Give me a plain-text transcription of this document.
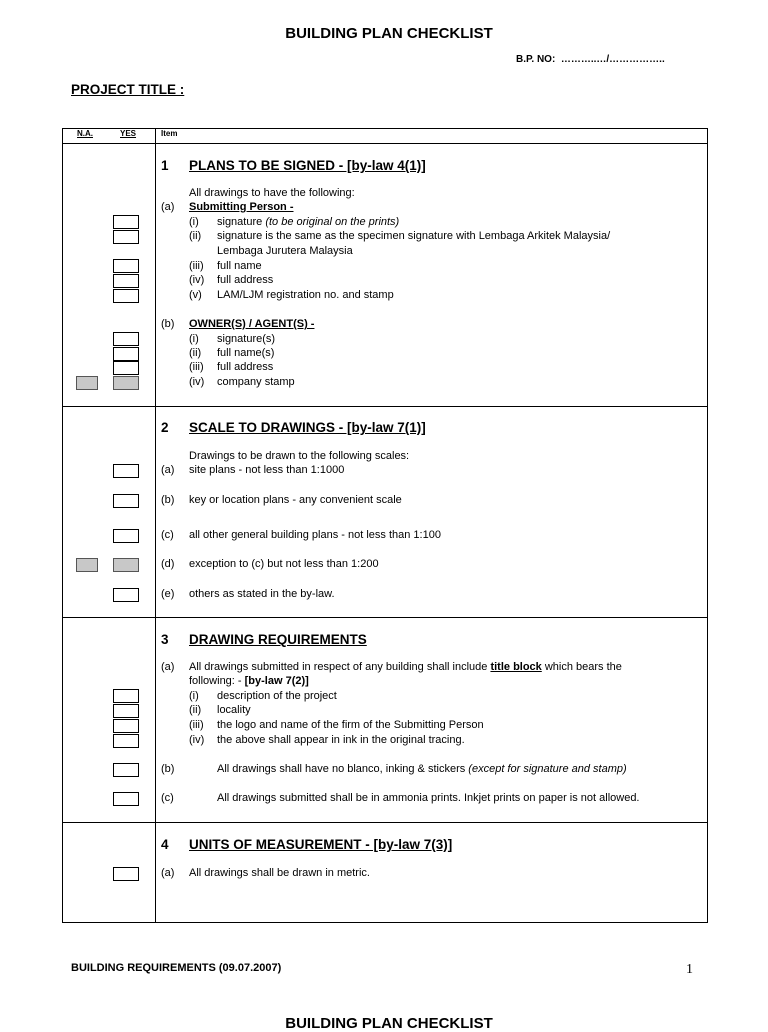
BUILDING PLAN CHECKLIST
B.P. NO: ………..…/……………..
PROJECT TITLE :
N.A.	YES	Item
1 PLANS TO BE SIGNED - [by-law 4(1)]
All drawings to have the following:
(a) Submitting Person -
(i) signature (to be original on the prints)
(ii) signature is the same as the specimen signature with Lembaga Arkitek Malaysia/
Lembaga Jurutera Malaysia
(iii) full name
(iv) full address
(v) LAM/LJM registration no. and stamp
(b) OWNER(S) / AGENT(S) -
(i) signature(s)
(ii) full name(s)
(iii) full address
(iv) company stamp
2 SCALE TO DRAWINGS - [by-law 7(1)]
Drawings to be drawn to the following scales:
(a) site plans - not less than 1:1000
(b) key or location plans - any convenient scale
(c) all other general building plans - not less than 1:100
(d) exception to (c) but not less than 1:200
(e) others as stated in the by-law.
3 DRAWING REQUIREMENTS
(a) All drawings submitted in respect of any building shall include title block which bears the
following: - [by-law 7(2)]
(i) description of the project
(ii) locality
(iii) the logo and name of the firm of the Submitting Person
(iv) the above shall appear in ink in the original tracing.
(b)	All drawings shall have no blanco, inking & stickers (except for signature and stamp)
(c)	All drawings submitted shall be in ammonia prints. Inkjet prints on paper is not allowed.
4 UNITS OF MEASUREMENT - [by-law 7(3)]
(a) All drawings shall be drawn in metric.
BUILDING REQUIREMENTS (09.07.2007)	1
BUILDING PLAN CHECKLIST
